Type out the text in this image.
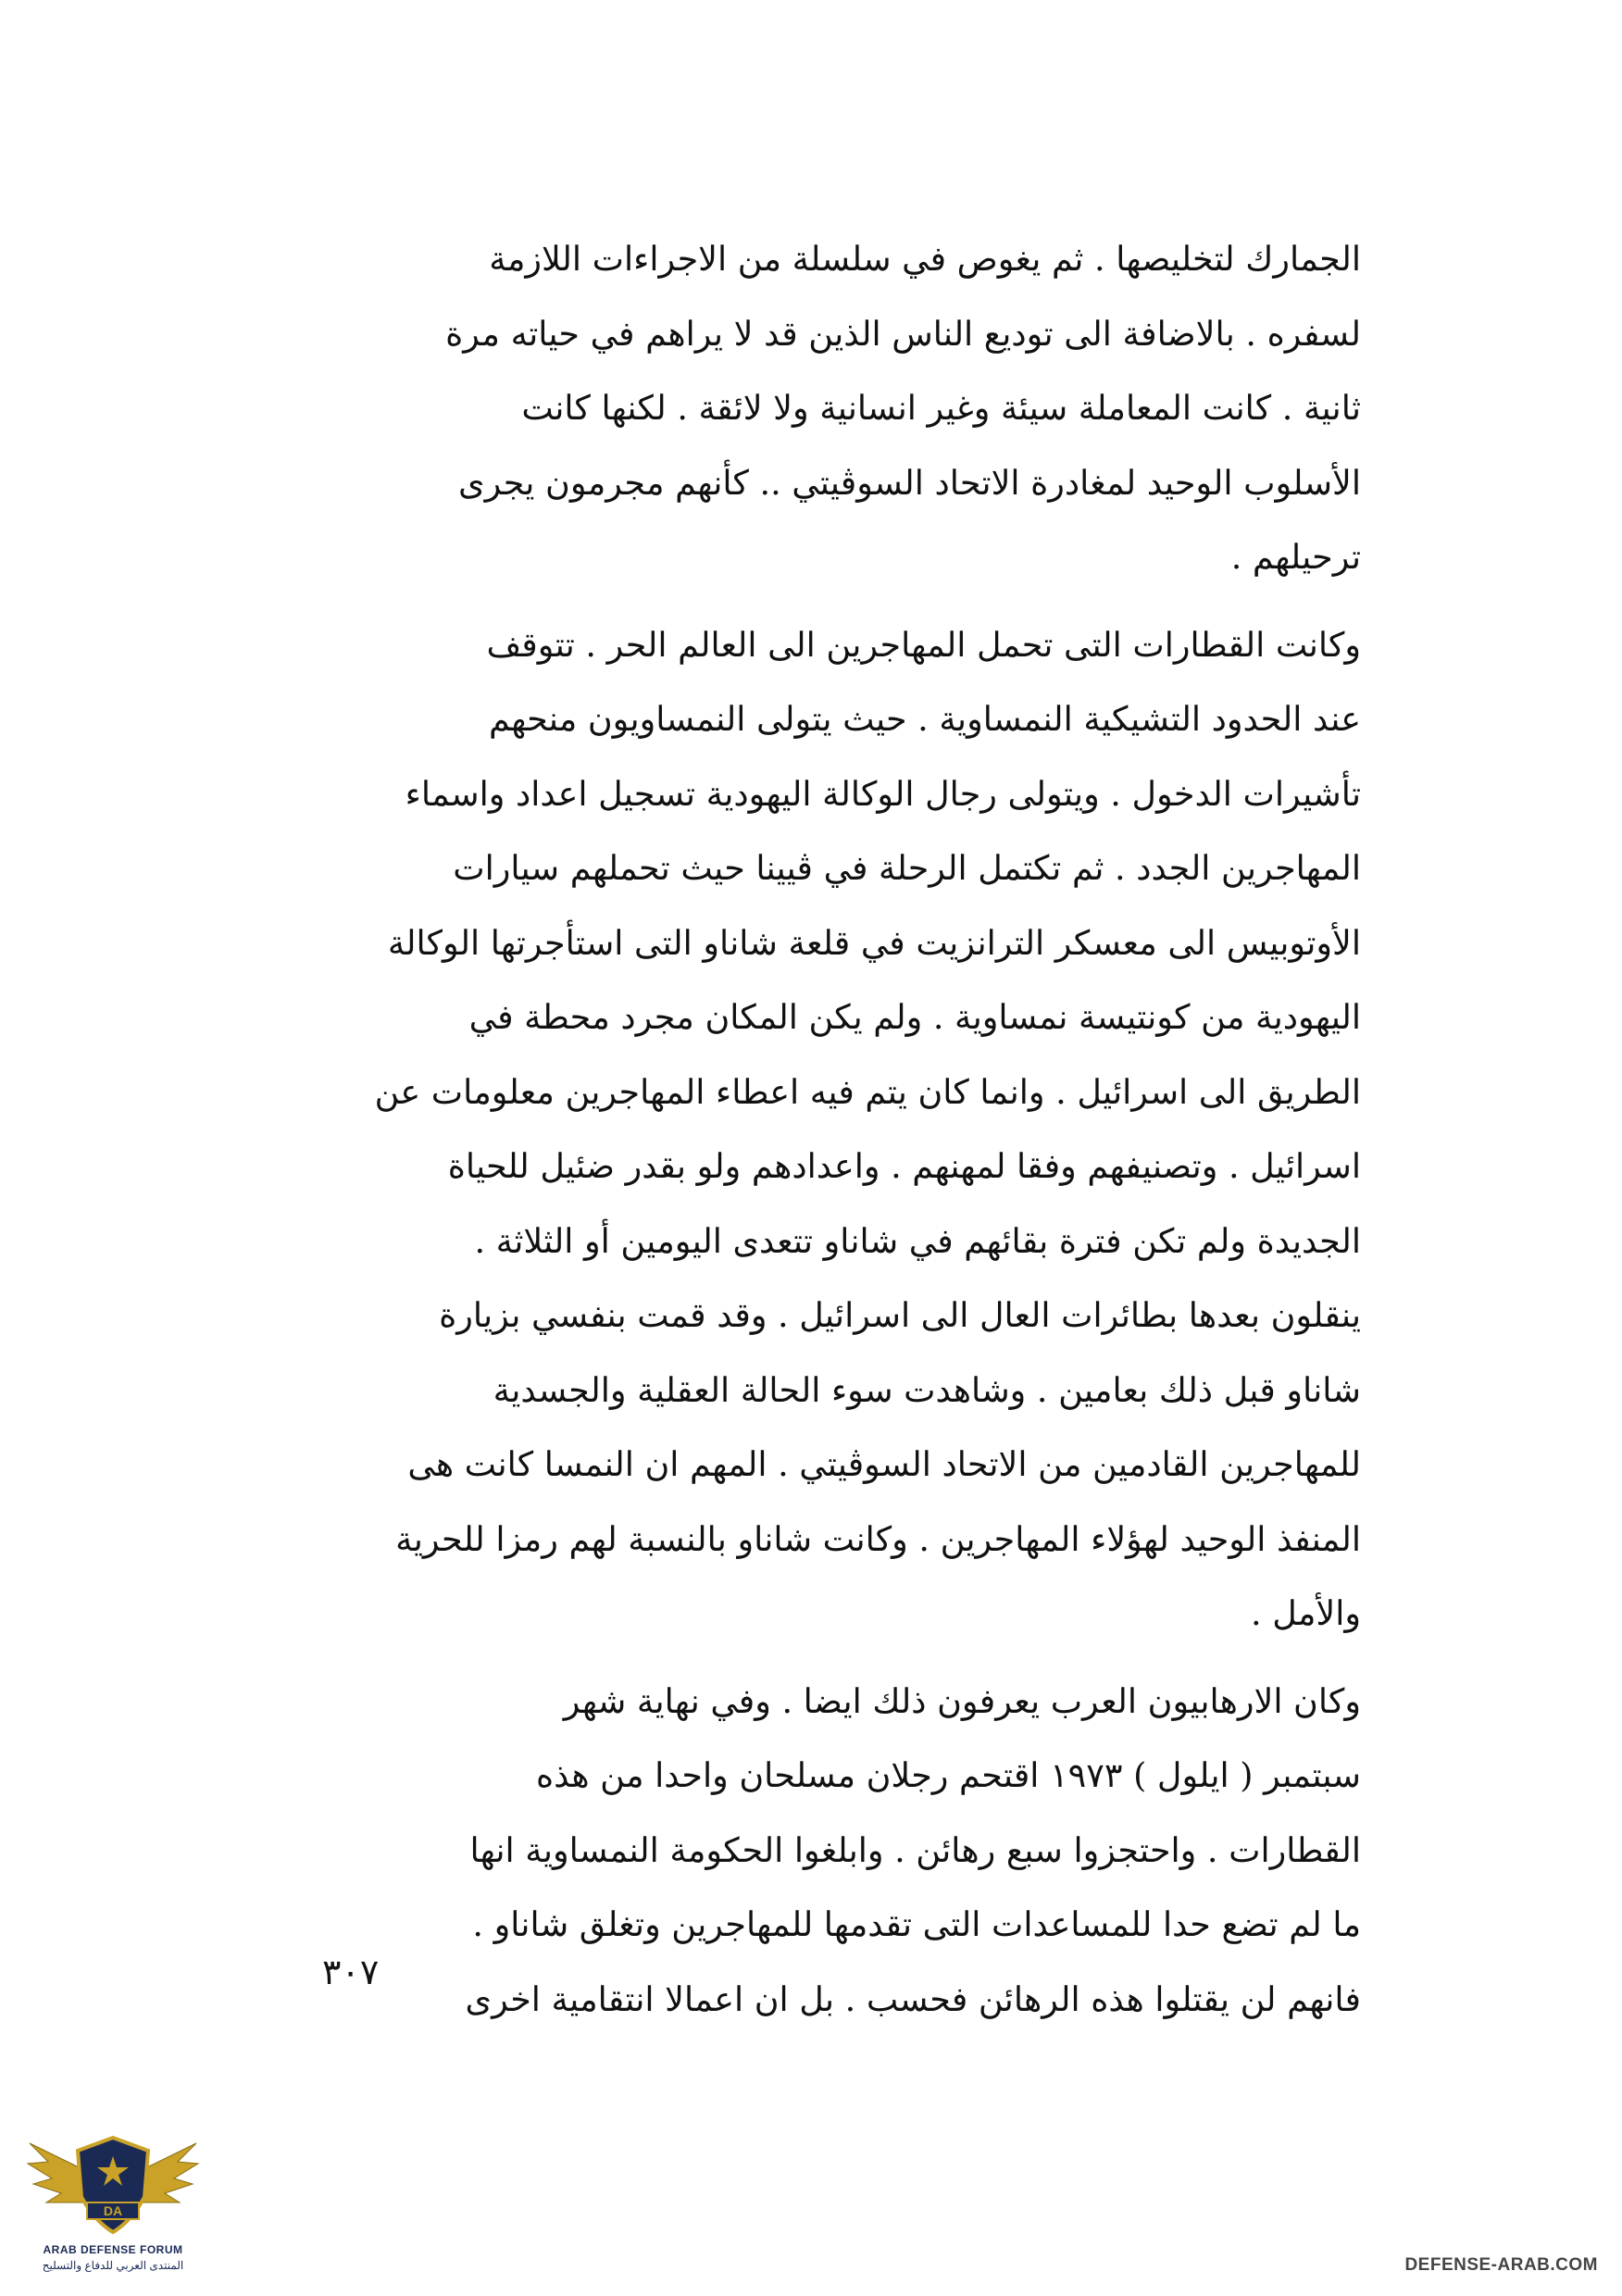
الجمارك لتخليصها . ثم يغوص في سلسلة من الاجراءات اللازمة
لسفره . بالاضافة الى توديع الناس الذين قد لا يراهم في حياته مرة
ثانية . كانت المعاملة سيئة وغير انسانية ولا لائقة . لكنها كانت
الأسلوب الوحيد لمغادرة الاتحاد السوڤيتي .. كأنهم مجرمون يجرى
ترحيلهم .
وكانت القطارات التى تحمل المهاجرين الى العالم الحر . تتوقف
عند الحدود التشيكية النمساوية . حيث يتولى النمساويون منحهم
تأشيرات الدخول . ويتولى رجال الوكالة اليهودية تسجيل اعداد واسماء
المهاجرين الجدد . ثم تكتمل الرحلة في ڤيينا حيث تحملهم سيارات
الأوتوبيس الى معسكر الترانزيت في قلعة شاناو التى استأجرتها الوكالة
اليهودية من كونتيسة نمساوية . ولم يكن المكان مجرد محطة في
الطريق الى اسرائيل . وانما كان يتم فيه اعطاء المهاجرين معلومات عن
اسرائيل . وتصنيفهم وفقا لمهنهم . واعدادهم ولو بقدر ضئيل للحياة
الجديدة ولم تكن فترة بقائهم في شاناو تتعدى اليومين أو الثلاثة .
ينقلون بعدها بطائرات العال الى اسرائيل . وقد قمت بنفسي بزيارة
شاناو قبل ذلك بعامين . وشاهدت سوء الحالة العقلية والجسدية
للمهاجرين القادمين من الاتحاد السوڤيتي . المهم ان النمسا كانت هى
المنفذ الوحيد لهؤلاء المهاجرين . وكانت شاناو بالنسبة لهم رمزا للحرية
والأمل .
وكان الارهابيون العرب يعرفون ذلك ايضا . وفي نهاية شهر
سبتمبر ( ايلول ) ١٩٧٣ اقتحم رجلان مسلحان واحدا من هذه
القطارات . واحتجزوا سبع رهائن . وابلغوا الحكومة النمساوية انها
ما لم تضع حدا للمساعدات التى تقدمها للمهاجرين وتغلق شاناو .
فانهم لن يقتلوا هذه الرهائن فحسب . بل ان اعمالا انتقامية اخرى
٣٠٧
DA
ARAB DEFENSE FORUM
المنتدى العربي للدفاع والتسليح	DEFENSE-ARAB.COM
